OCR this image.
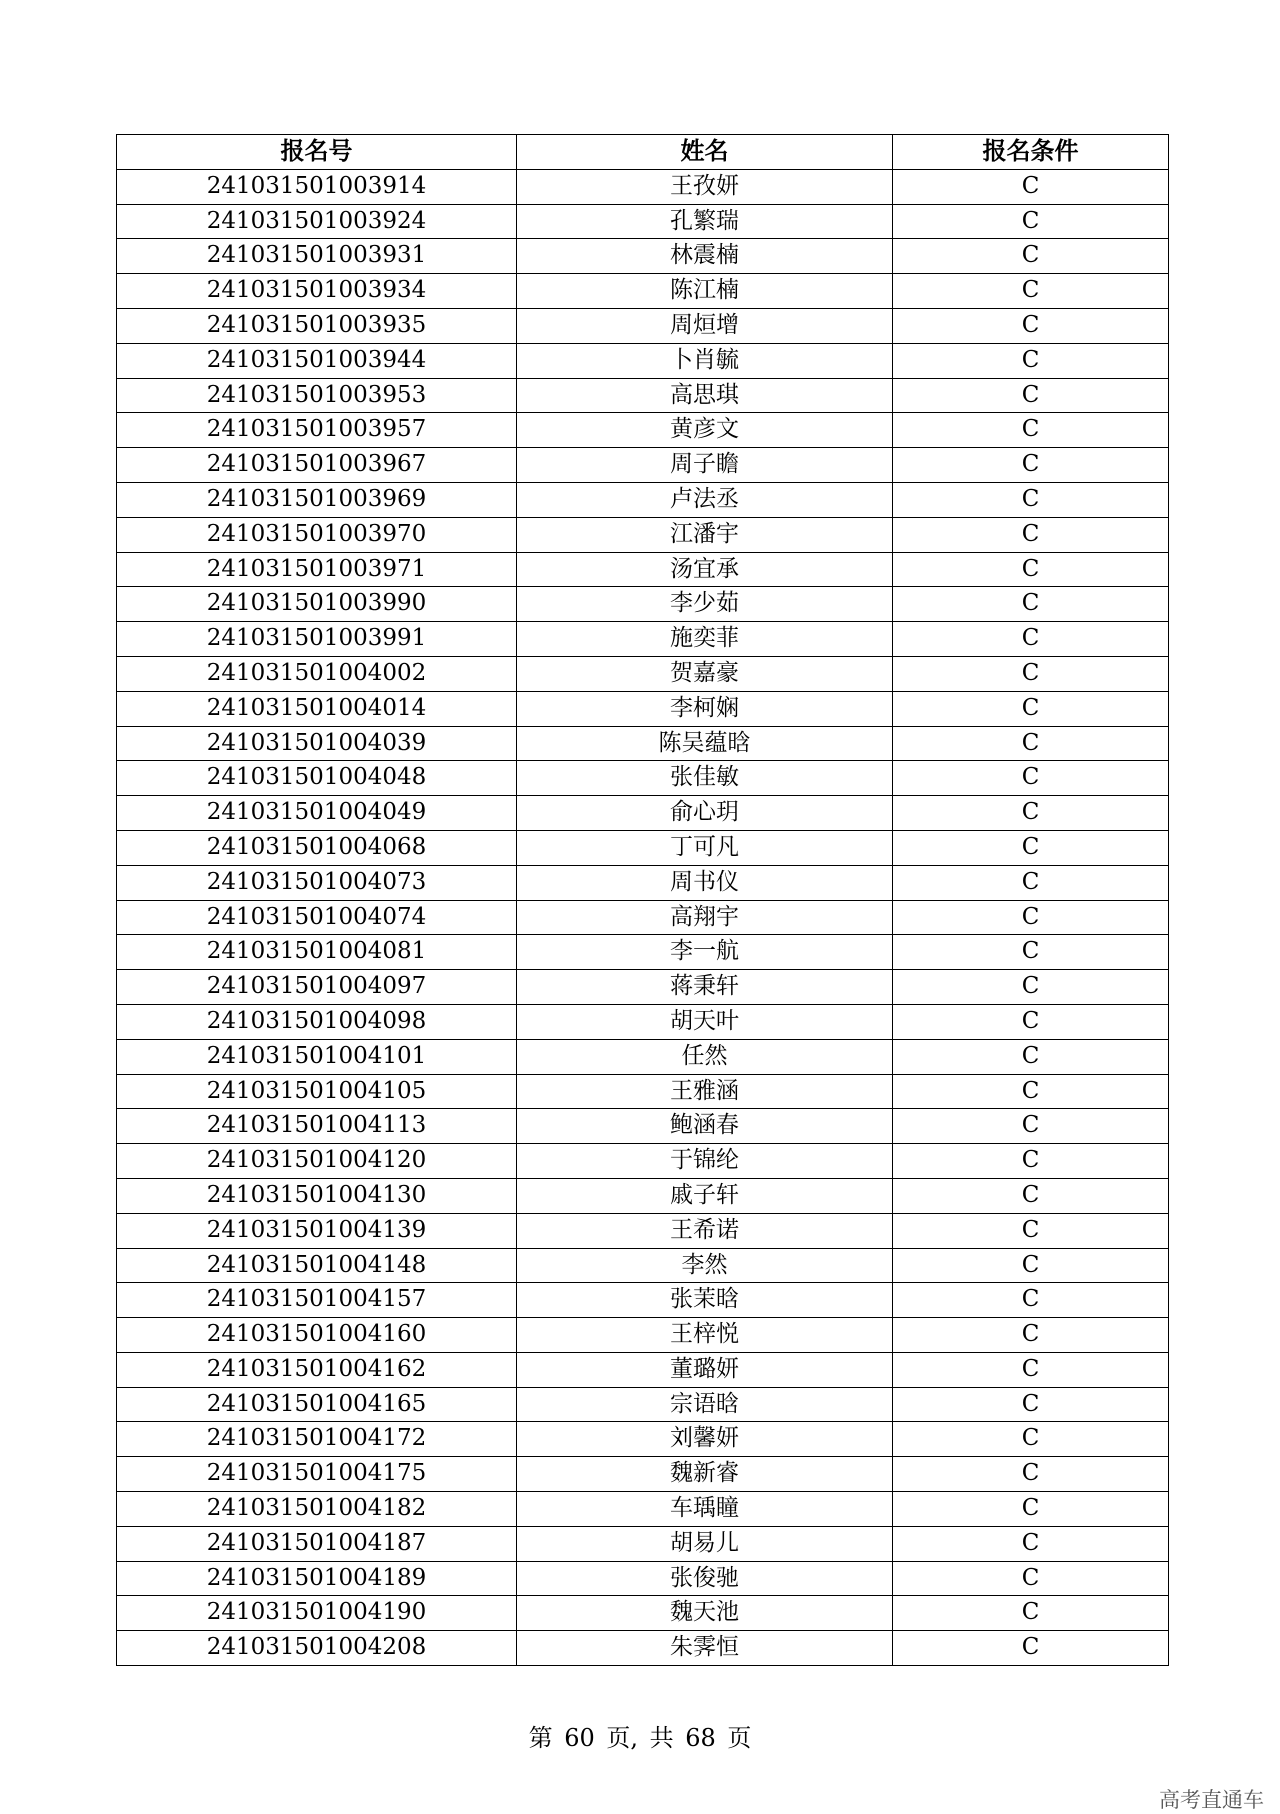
报名号	姓名	报名条件
241031501003914	王孜妍	C
241031501003924	孔繁瑞	C
241031501003931	林震楠	C
241031501003934	陈江楠	C
241031501003935	周烜增	C
241031501003944	卜肖毓	C
241031501003953	高思琪	C
241031501003957	黄彦文	C
241031501003967	周子瞻	C
241031501003969	卢法丞	C
241031501003970	江潘宇	C
241031501003971	汤宜承	C
241031501003990	李少茹	C
241031501003991	施奕菲	C
241031501004002	贺嘉豪	C
241031501004014	李柯娴	C
241031501004039	陈吴蕴晗	C
241031501004048	张佳敏	C
241031501004049	俞心玥	C
241031501004068	丁可凡	C
241031501004073	周书仪	C
241031501004074	高翔宇	C
241031501004081	李一航	C
241031501004097	蒋秉轩	C
241031501004098	胡天叶	C
241031501004101	任然	C
241031501004105	王雅涵	C
241031501004113	鲍涵春	C
241031501004120	于锦纶	C
241031501004130	戚子轩	C
241031501004139	王希诺	C
241031501004148	李然	C
241031501004157	张茉晗	C
241031501004160	王梓悦	C
241031501004162	董璐妍	C
241031501004165	宗语晗	C
241031501004172	刘馨妍	C
241031501004175	魏新睿	C
241031501004182	车瑀瞳	C
241031501004187	胡易儿	C
241031501004189	张俊驰	C
241031501004190	魏天池	C
241031501004208	朱霁恒	C
第 60 页, 共 68 页
高考直通车
